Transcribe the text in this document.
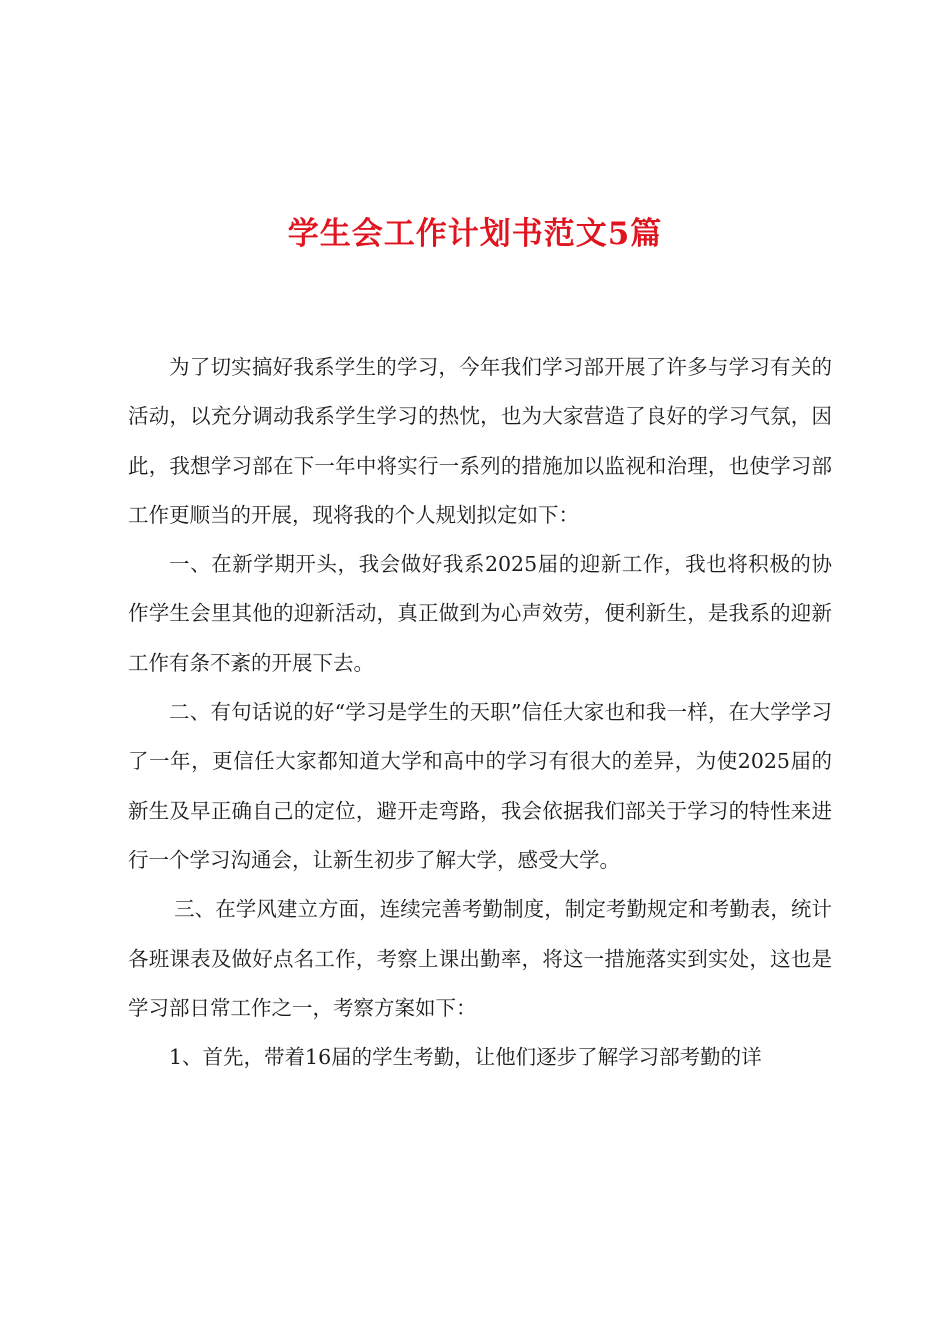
学生会工作计划书范文5篇

为了切实搞好我系学生的学习，今年我们学习部开展了许多与学习有关的活动，以充分调动我系学生学习的热忱，也为大家营造了良好的学习气氛，因此，我想学习部在下一年中将实行一系列的措施加以监视和治理，也使学习部工作更顺当的开展，现将我的个人规划拟定如下：

一、在新学期开头，我会做好我系2025届的迎新工作，我也将积极的协作学生会里其他的迎新活动，真正做到为心声效劳，便利新生，是我系的迎新工作有条不紊的开展下去。

二、有句话说的好“学习是学生的天职”信任大家也和我一样，在大学学习了一年，更信任大家都知道大学和高中的学习有很大的差异，为使2025届的新生及早正确自己的定位，避开走弯路，我会依据我们部关于学习的特性来进行一个学习沟通会，让新生初步了解大学，感受大学。

三、在学风建立方面，连续完善考勤制度，制定考勤规定和考勤表，统计各班课表及做好点名工作，考察上课出勤率，将这一措施落实到实处，这也是学习部日常工作之一，考察方案如下：

1、首先，带着16届的学生考勤，让他们逐步了解学习部考勤的详
